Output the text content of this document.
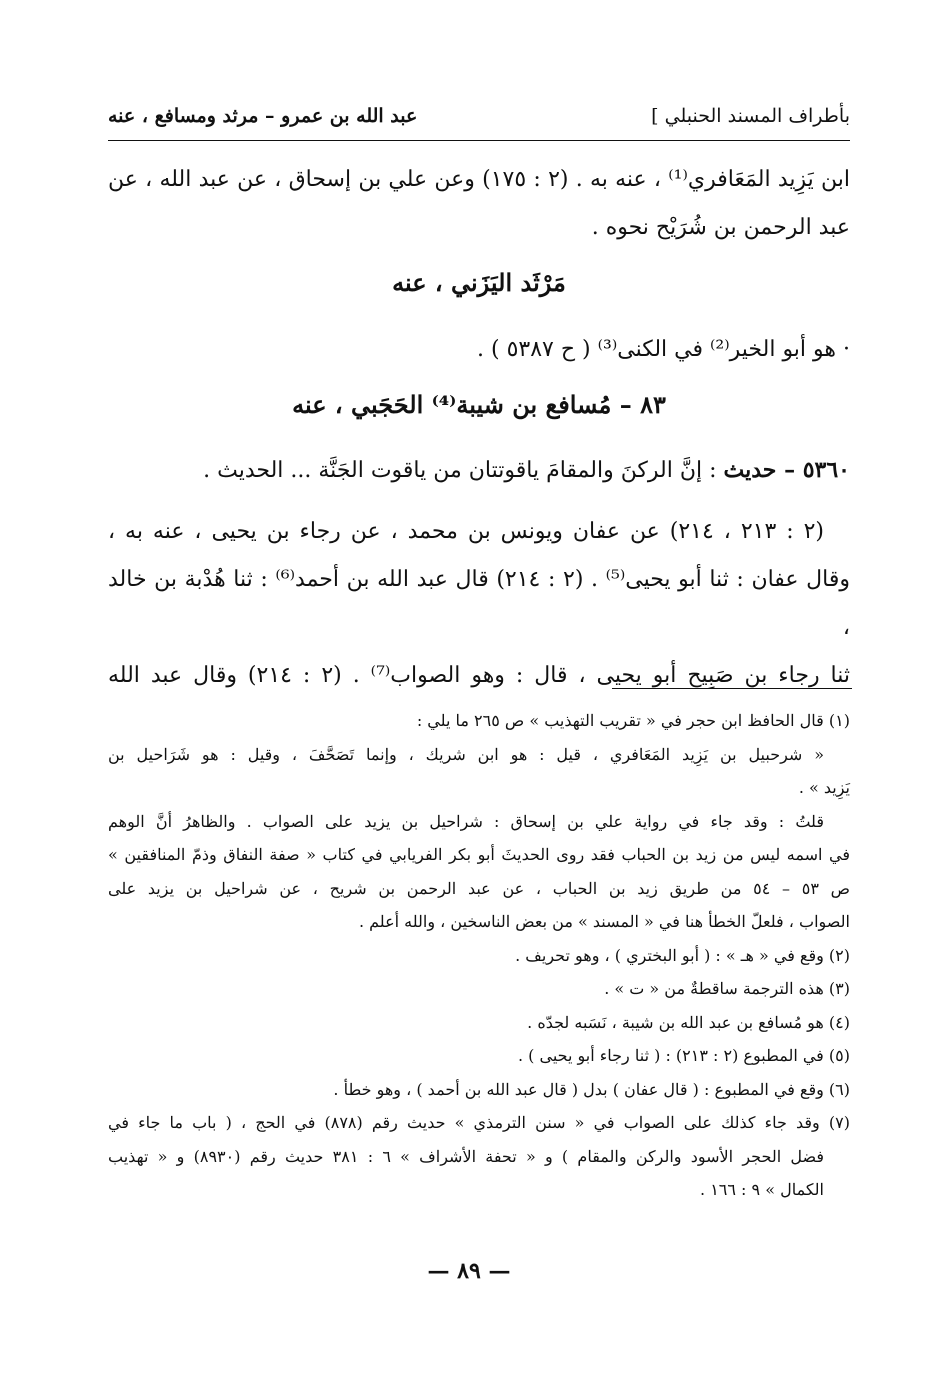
بأطراف المسند الحنبلي ]
عبد الله بن عمرو – مرثد ومسافع ، عنه
ابن يَزِيد المَعَافري⁽¹⁾ ، عنه به . (٢ : ١٧٥) وعن علي بن إسحاق ، عن عبد الله ، عن
عبد الرحمن بن شُرَيْح نحوه .
مَرْثَد اليَزَني ، عنه
· هو أبو الخير⁽²⁾ في الكنى⁽³⁾ ( ح ٥٣٨٧ ) .
٨٣ – مُسافع بن شيبة⁽⁴⁾ الحَجَبي ، عنه
٥٣٦٠ – حديث : إنَّ الركنَ والمقامَ ياقوتتان من ياقوت الجَنَّة ... الحديث .
(٢ : ٢١٣ ، ٢١٤) عن عفان ويونس بن محمد ، عن رجاء بن يحيى ، عنه به ،
وقال عفان : ثنا أبو يحيى⁽⁵⁾ . (٢ : ٢١٤) قال عبد الله بن أحمد⁽⁶⁾ : ثنا هُدْبة بن خالد ،
ثنا رجاء بن صَبِيح أبو يحيى ، قال : وهو الصواب⁽⁷⁾ . (٢ : ٢١٤) وقال عبد الله
(١) قال الحافظ ابن حجر في « تقريب التهذيب » ص ٢٦٥ ما يلي :
« شرحبيل بن يَزِيد المَعَافري ، قيل : هو ابن شريك ، وإنما تَصَحَّفَ ، وقيل : هو شَرَاحيل بن
يَزِيد » .
قلتُ : وقد جاء في رواية علي بن إسحاق : شراحيل بن يزيد على الصواب . والظاهرُ أنَّ الوهم
في اسمه ليس من زيد بن الحباب فقد روى الحديثَ أبو بكر الفريابي في كتاب « صفة النفاق وذمّ المنافقين »
ص ٥٣ – ٥٤ من طريق زيد بن الحباب ، عن عبد الرحمن بن شريح ، عن شراحيل بن يزيد على
الصواب ، فلعلّ الخطأ هنا في « المسند » من بعض الناسخين ، والله أعلم .
(٢) وقع في « هـ » : ( أبو البختري ) ، وهو تحريف .
(٣) هذه الترجمة ساقطةٌ من « ت » .
(٤) هو مُسافع بن عبد الله بن شيبة ، نَسَبه لجدّه .
(٥) في المطبوع (٢ : ٢١٣) : ( ثنا رجاء أبو يحيى ) .
(٦) وقع في المطبوع : ( قال عفان ) بدل ( قال عبد الله بن أحمد ) ، وهو خطأ .
(٧) وقد جاء كذلك على الصواب في « سنن الترمذي » حديث رقم (٨٧٨) في الحج ، ( باب ما جاء في
فضل الحجر الأسود والركن والمقام ) و « تحفة الأشراف » ٦ : ٣٨١ حديث رقم (٨٩٣٠) و « تهذيب
الكمال » ٩ : ١٦٦ .
— ٨٩ —
